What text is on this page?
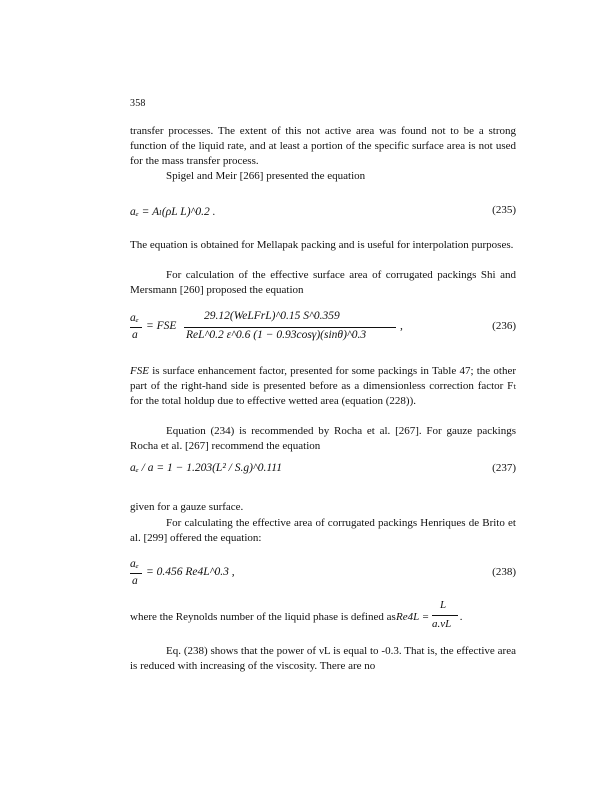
358
transfer processes. The extent of this not active area was found not to be a strong function of the liquid rate, and at least a portion of the specific surface area is not used for the mass transfer process.
Spigel and Meir [266] presented the equation
aₑ = Aₗ(ρL L)^0.2 .	(235)
The equation is obtained for Mellapak packing and is useful for interpolation purposes.
For calculation of the effective surface area of corrugated packings Shi and Mersmann [260] proposed the equation
aₑ
a
= FSE
29.12(WeLFrL)^0.15 S^0.359
ReL^0.2 ε^0.6 (1 − 0.93cosγ)(sinθ)^0.3
,	(236)
FSE is surface enhancement factor, presented for some packings in Table 47; the other part of the right-hand side is presented before as a dimensionless correction factor Fₜ for the total holdup due to effective wetted area (equation (228)).
Equation (234) is recommended by Rocha et al. [267]. For gauze packings Rocha et al. [267] recommend the equation
aₑ / a = 1 − 1.203(L² / S.g)^0.111	(237)
given for a gauze surface.
For calculating the effective area of corrugated packings Henriques de Brito et al. [299] offered the equation:
aₑ
a
= 0.456 Re4L^0.3 ,	(238)
where the Reynolds number of the liquid phase is defined as Re4L =
L
a.νL
.
Eq. (238) shows that the power of νL is equal to -0.3. That is, the effective area is reduced with increasing of the viscosity. There are no
